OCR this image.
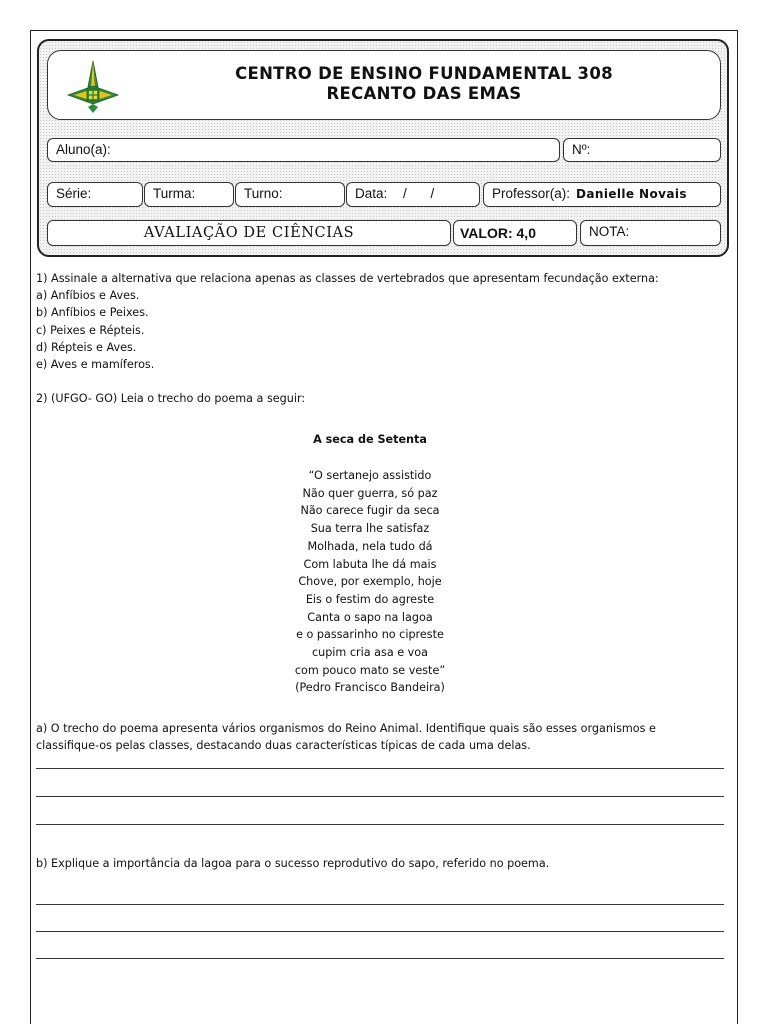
CENTRO DE ENSINO FUNDAMENTAL 308
RECANTO DAS EMAS
Aluno(a):	Nº:
Série:	Turma:	Turno:	Data: / /	Professor(a): Danielle Novais
AVALIAÇÃO DE CIÊNCIAS	VALOR: 4,0	NOTA:
1) Assinale a alternativa que relaciona apenas as classes de vertebrados que apresentam fecundação externa:
a) Anfíbios e Aves.
b) Anfíbios e Peixes.
c) Peixes e Répteis.
d) Répteis e Aves.
e) Aves e mamíferos.
2) (UFGO- GO) Leia o trecho do poema a seguir:
A seca de Setenta
“O sertanejo assistido
Não quer guerra, só paz
Não carece fugir da seca
Sua terra lhe satisfaz
Molhada, nela tudo dá
Com labuta lhe dá mais
Chove, por exemplo, hoje
Eis o festim do agreste
Canta o sapo na lagoa
e o passarinho no cipreste
cupim cria asa e voa
com pouco mato se veste”
(Pedro Francisco Bandeira)
a) O trecho do poema apresenta vários organismos do Reino Animal. Identifique quais são esses organismos e
classifique-os pelas classes, destacando duas características típicas de cada uma delas.
b) Explique a importância da lagoa para o sucesso reprodutivo do sapo, referido no poema.
